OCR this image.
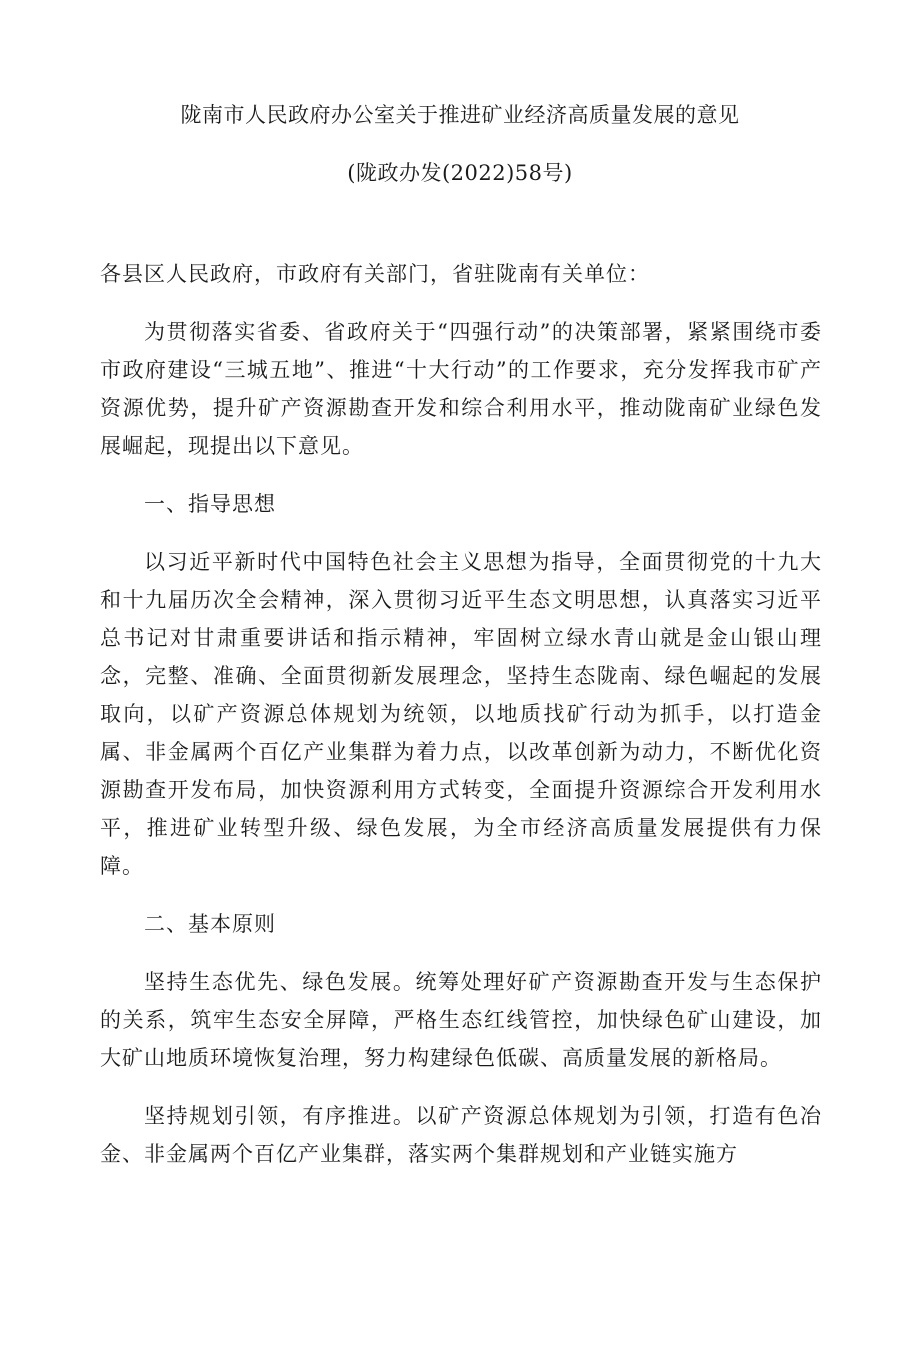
陇南市人民政府办公室关于推进矿业经济高质量发展的意见
(陇政办发(2022)58号)

各县区人民政府，市政府有关部门，省驻陇南有关单位：

为贯彻落实省委、省政府关于“四强行动”的决策部署，紧紧围绕市委市政府建设“三城五地”、推进“十大行动”的工作要求，充分发挥我市矿产资源优势，提升矿产资源勘查开发和综合利用水平，推动陇南矿业绿色发展崛起，现提出以下意见。

一、指导思想

以习近平新时代中国特色社会主义思想为指导，全面贯彻党的十九大和十九届历次全会精神，深入贯彻习近平生态文明思想，认真落实习近平总书记对甘肃重要讲话和指示精神，牢固树立绿水青山就是金山银山理念，完整、准确、全面贯彻新发展理念，坚持生态陇南、绿色崛起的发展取向，以矿产资源总体规划为统领，以地质找矿行动为抓手，以打造金属、非金属两个百亿产业集群为着力点，以改革创新为动力，不断优化资源勘查开发布局，加快资源利用方式转变，全面提升资源综合开发利用水平，推进矿业转型升级、绿色发展，为全市经济高质量发展提供有力保障。

二、基本原则

坚持生态优先、绿色发展。统筹处理好矿产资源勘查开发与生态保护的关系，筑牢生态安全屏障，严格生态红线管控，加快绿色矿山建设，加大矿山地质环境恢复治理，努力构建绿色低碳、高质量发展的新格局。

坚持规划引领，有序推进。以矿产资源总体规划为引领，打造有色冶金、非金属两个百亿产业集群，落实两个集群规划和产业链实施方
